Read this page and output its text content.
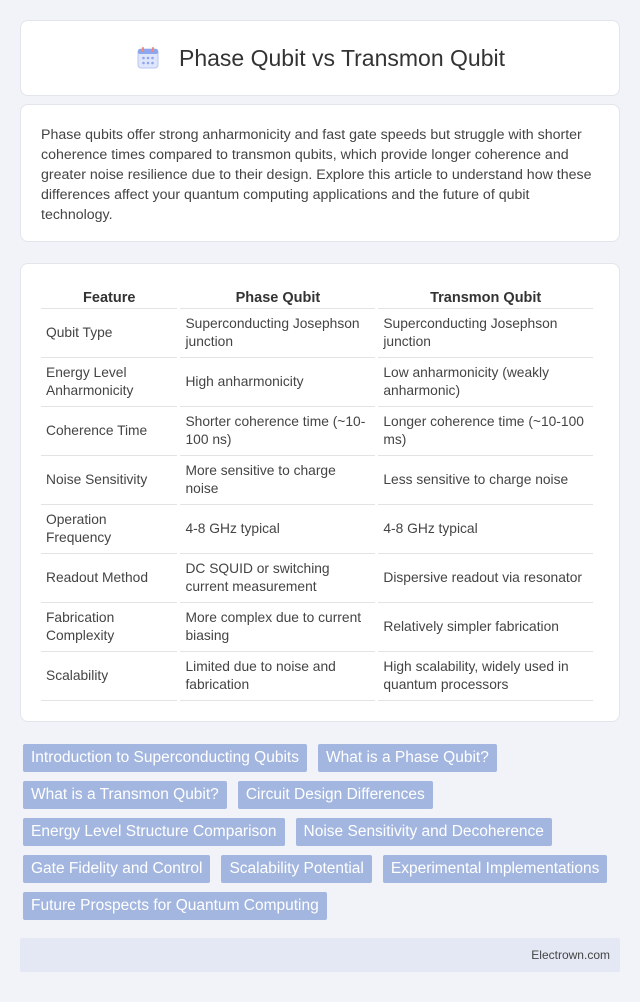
Phase Qubit vs Transmon Qubit

Phase qubits offer strong anharmonicity and fast gate speeds but struggle with shorter coherence times compared to transmon qubits, which provide longer coherence and greater noise resilience due to their design. Explore this article to understand how these differences affect your quantum computing applications and the future of qubit technology.

Feature	Phase Qubit	Transmon Qubit
Qubit Type	Superconducting Josephson junction	Superconducting Josephson junction
Energy Level Anharmonicity	High anharmonicity	Low anharmonicity (weakly anharmonic)
Coherence Time	Shorter coherence time (~10-100 ns)	Longer coherence time (~10-100 ms)
Noise Sensitivity	More sensitive to charge noise	Less sensitive to charge noise
Operation Frequency	4-8 GHz typical	4-8 GHz typical
Readout Method	DC SQUID or switching current measurement	Dispersive readout via resonator
Fabrication Complexity	More complex due to current biasing	Relatively simpler fabrication
Scalability	Limited due to noise and fabrication	High scalability, widely used in quantum processors
Introduction to Superconducting Qubits	What is a Phase Qubit?
What is a Transmon Qubit?	Circuit Design Differences
Energy Level Structure Comparison	Noise Sensitivity and Decoherence
Gate Fidelity and Control	Scalability Potential	Experimental Implementations
Future Prospects for Quantum Computing
Electrown.com
